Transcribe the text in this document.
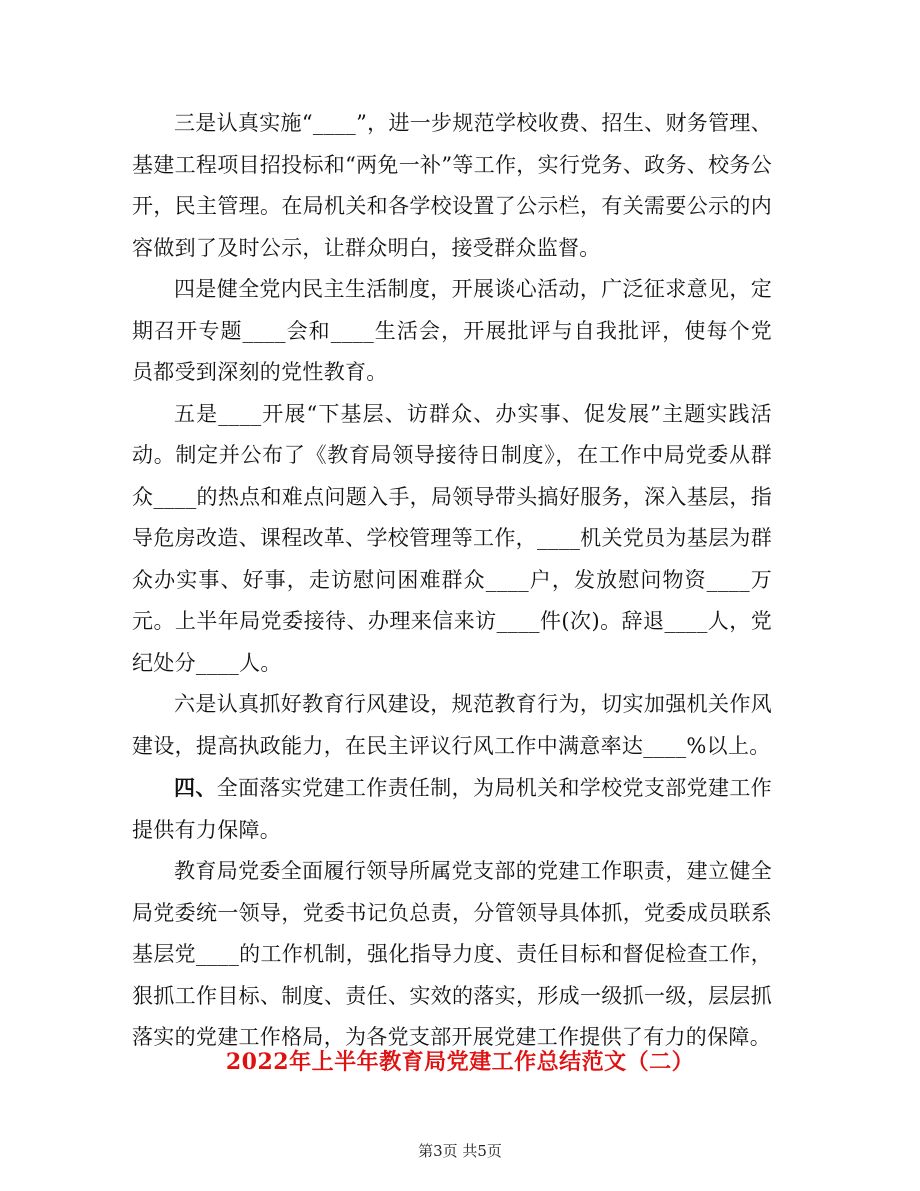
三是认真实施“____”，进一步规范学校收费、招生、财务管理、基建工程项目招投标和“两免一补”等工作，实行党务、政务、校务公开，民主管理。在局机关和各学校设置了公示栏，有关需要公示的内容做到了及时公示，让群众明白，接受群众监督。

四是健全党内民主生活制度，开展谈心活动，广泛征求意见，定期召开专题____会和____生活会，开展批评与自我批评，使每个党员都受到深刻的党性教育。

五是____开展“下基层、访群众、办实事、促发展”主题实践活动。制定并公布了《教育局领导接待日制度》，在工作中局党委从群众____的热点和难点问题入手，局领导带头搞好服务，深入基层，指导危房改造、课程改革、学校管理等工作，____机关党员为基层为群众办实事、好事，走访慰问困难群众____户，发放慰问物资____万元。上半年局党委接待、办理来信来访____件(次)。辞退____人，党纪处分____人。

六是认真抓好教育行风建设，规范教育行为，切实加强机关作风建设，提高执政能力，在民主评议行风工作中满意率达____%以上。

四、全面落实党建工作责任制，为局机关和学校党支部党建工作提供有力保障。

教育局党委全面履行领导所属党支部的党建工作职责，建立健全局党委统一领导，党委书记负总责，分管领导具体抓，党委成员联系基层党____的工作机制，强化指导力度、责任目标和督促检查工作，狠抓工作目标、制度、责任、实效的落实，形成一级抓一级，层层抓落实的党建工作格局，为各党支部开展党建工作提供了有力的保障。

2022年上半年教育局党建工作总结范文（二）
第3页 共5页
